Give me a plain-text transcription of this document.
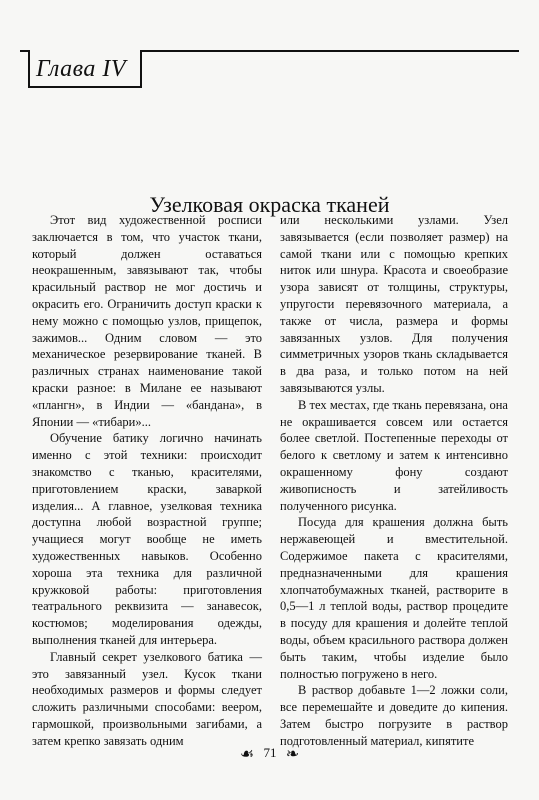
Глава IV
Узелковая окраска тканей

Этот вид художественной росписи заключается в том, что участок ткани, который должен оставаться неокрашенным, завязывают так, чтобы красильный раствор не мог достичь и окрасить его. Ограничить доступ краски к нему можно с помощью узлов, прищепок, зажимов... Одним словом — это механическое резервирование тканей. В различных странах наименование такой краски разное: в Милане ее называют «плангн», в Индии — «бандана», в Японии — «тибари»...

Обучение батику логично начинать именно с этой техники: происходит знакомство с тканью, красителями, приготовлением краски, заваркой изделия... А главное, узелковая техника доступна любой возрастной группе; учащиеся могут вообще не иметь художественных навыков. Особенно хороша эта техника для различной кружковой работы: приготовления театрального реквизита — занавесок, костюмов; моделирования одежды, выполнения тканей для интерьера.

Главный секрет узелкового батика — это завязанный узел. Кусок ткани необходимых размеров и формы следует сложить различными способами: веером, гармошкой, произвольными загибами, а затем крепко завязать одним

или несколькими узлами. Узел завязывается (если позволяет размер) на самой ткани или с помощью крепких ниток или шнура. Красота и своеобразие узора зависят от толщины, структуры, упругости перевязочного материала, а также от числа, размера и формы завязанных узлов. Для получения симметричных узоров ткань складывается в два раза, и только потом на ней завязываются узлы.

В тех местах, где ткань перевязана, она не окрашивается совсем или остается более светлой. Постепенные переходы от белого к светлому и затем к интенсивно окрашенному фону создают живописность и затейливость полученного рисунка.

Посуда для крашения должна быть нержавеющей и вместительной. Содержимое пакета с красителями, предназначенными для крашения хлопчатобумажных тканей, растворите в 0,5—1 л теплой воды, раствор процедите в посуду для крашения и долейте теплой воды, объем красильного раствора должен быть таким, чтобы изделие было полностью погружено в него.

В раствор добавьте 1—2 ложки соли, все перемешайте и доведите до кипения. Затем быстро погрузите в раствор подготовленный материал, кипятите

☙ 71 ❧
